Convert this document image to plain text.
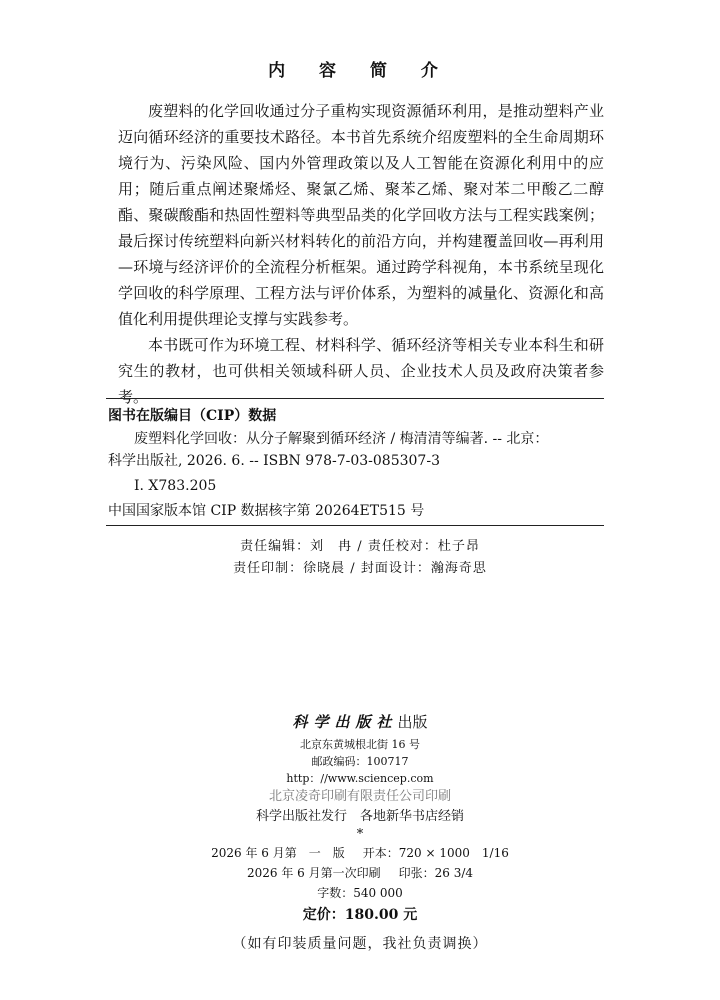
内 容 简 介

废塑料的化学回收通过分子重构实现资源循环利用，是推动塑料产业迈向循环经济的重要技术路径。本书首先系统介绍废塑料的全生命周期环境行为、污染风险、国内外管理政策以及人工智能在资源化利用中的应用；随后重点阐述聚烯烃、聚氯乙烯、聚苯乙烯、聚对苯二甲酸乙二醇酯、聚碳酸酯和热固性塑料等典型品类的化学回收方法与工程实践案例；最后探讨传统塑料向新兴材料转化的前沿方向，并构建覆盖回收—再利用—环境与经济评价的全流程分析框架。通过跨学科视角，本书系统呈现化学回收的科学原理、工程方法与评价体系，为塑料的减量化、资源化和高值化利用提供理论支撑与实践参考。

本书既可作为环境工程、材料科学、循环经济等相关专业本科生和研究生的教材，也可供相关领域科研人员、企业技术人员及政府决策者参考。

图书在版编目（CIP）数据
废塑料化学回收：从分子解聚到循环经济 / 梅清清等编著. -- 北京：
科学出版社, 2026. 6. -- ISBN 978-7-03-085307-3
Ⅰ. X783.205
中国国家版本馆 CIP 数据核字第 20264ET515 号
责任编辑：刘　冉 / 责任校对：杜子昂
责任印制：徐晓晨 / 封面设计：瀚海奇思
科学出版社出版
北京东黄城根北街 16 号
邮政编码：100717
http：//www.sciencep.com
北京凌奇印刷有限责任公司印刷
科学出版社发行　各地新华书店经销
*
2026 年 6 月第　一　版 开本：720 × 1000　1/16
2026 年 6 月第一次印刷 印张：26 3/4
字数：540 000
定价：180.00 元
（如有印装质量问题，我社负责调换）
